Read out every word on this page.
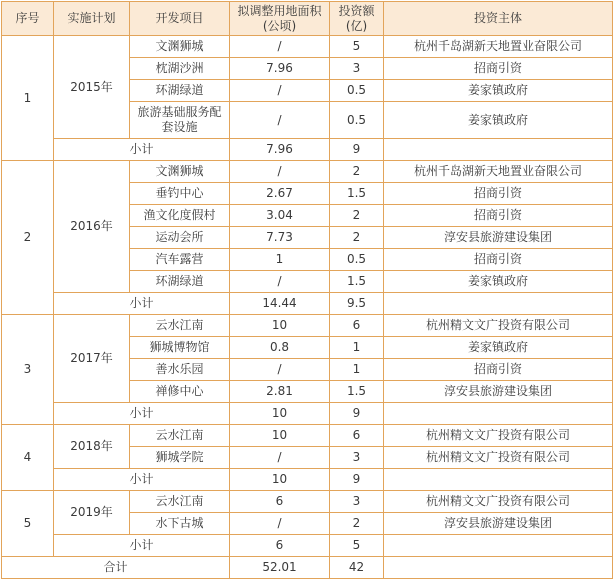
序号	实施计划	开发项目	拟调整用地面积(公顷)	投资额(亿)	投资主体
1	2015年	文渊狮城	/	5	杭州千岛湖新天地置业奋限公司
		枕湖沙洲	7.96	3	招商引资
		环湖绿道	/	0.5	姜家镇政府
		旅游基础服务配套设施	/	0.5	姜家镇政府
	小计		7.96	9	
2	2016年	文渊狮城	/	2	杭州千岛湖新天地置业奋限公司
		垂钓中心	2.67	1.5	招商引资
		渔文化度假村	3.04	2	招商引资
		运动会所	7.73	2	淳安县旅游建设集团
		汽车露营	1	0.5	招商引资
		环湖绿道	/	1.5	姜家镇政府
	小计		14.44	9.5	
3	2017年	云水江南	10	6	杭州精文文广投资有限公司
		狮城博物馆	0.8	1	姜家镇政府
		善水乐园	/	1	招商引资
		禅修中心	2.81	1.5	淳安县旅游建设集团
	小计		10	9	
4	2018年	云水江南	10	6	杭州精文文广投资有限公司
		狮城学院	/	3	杭州精文文广投资有限公司
	小计		10	9	
5	2019年	云水江南	6	3	杭州精文文广投资有限公司
		水下古城	/	2	淳安县旅游建设集团
	小计		6	5	
合计			52.01	42	
